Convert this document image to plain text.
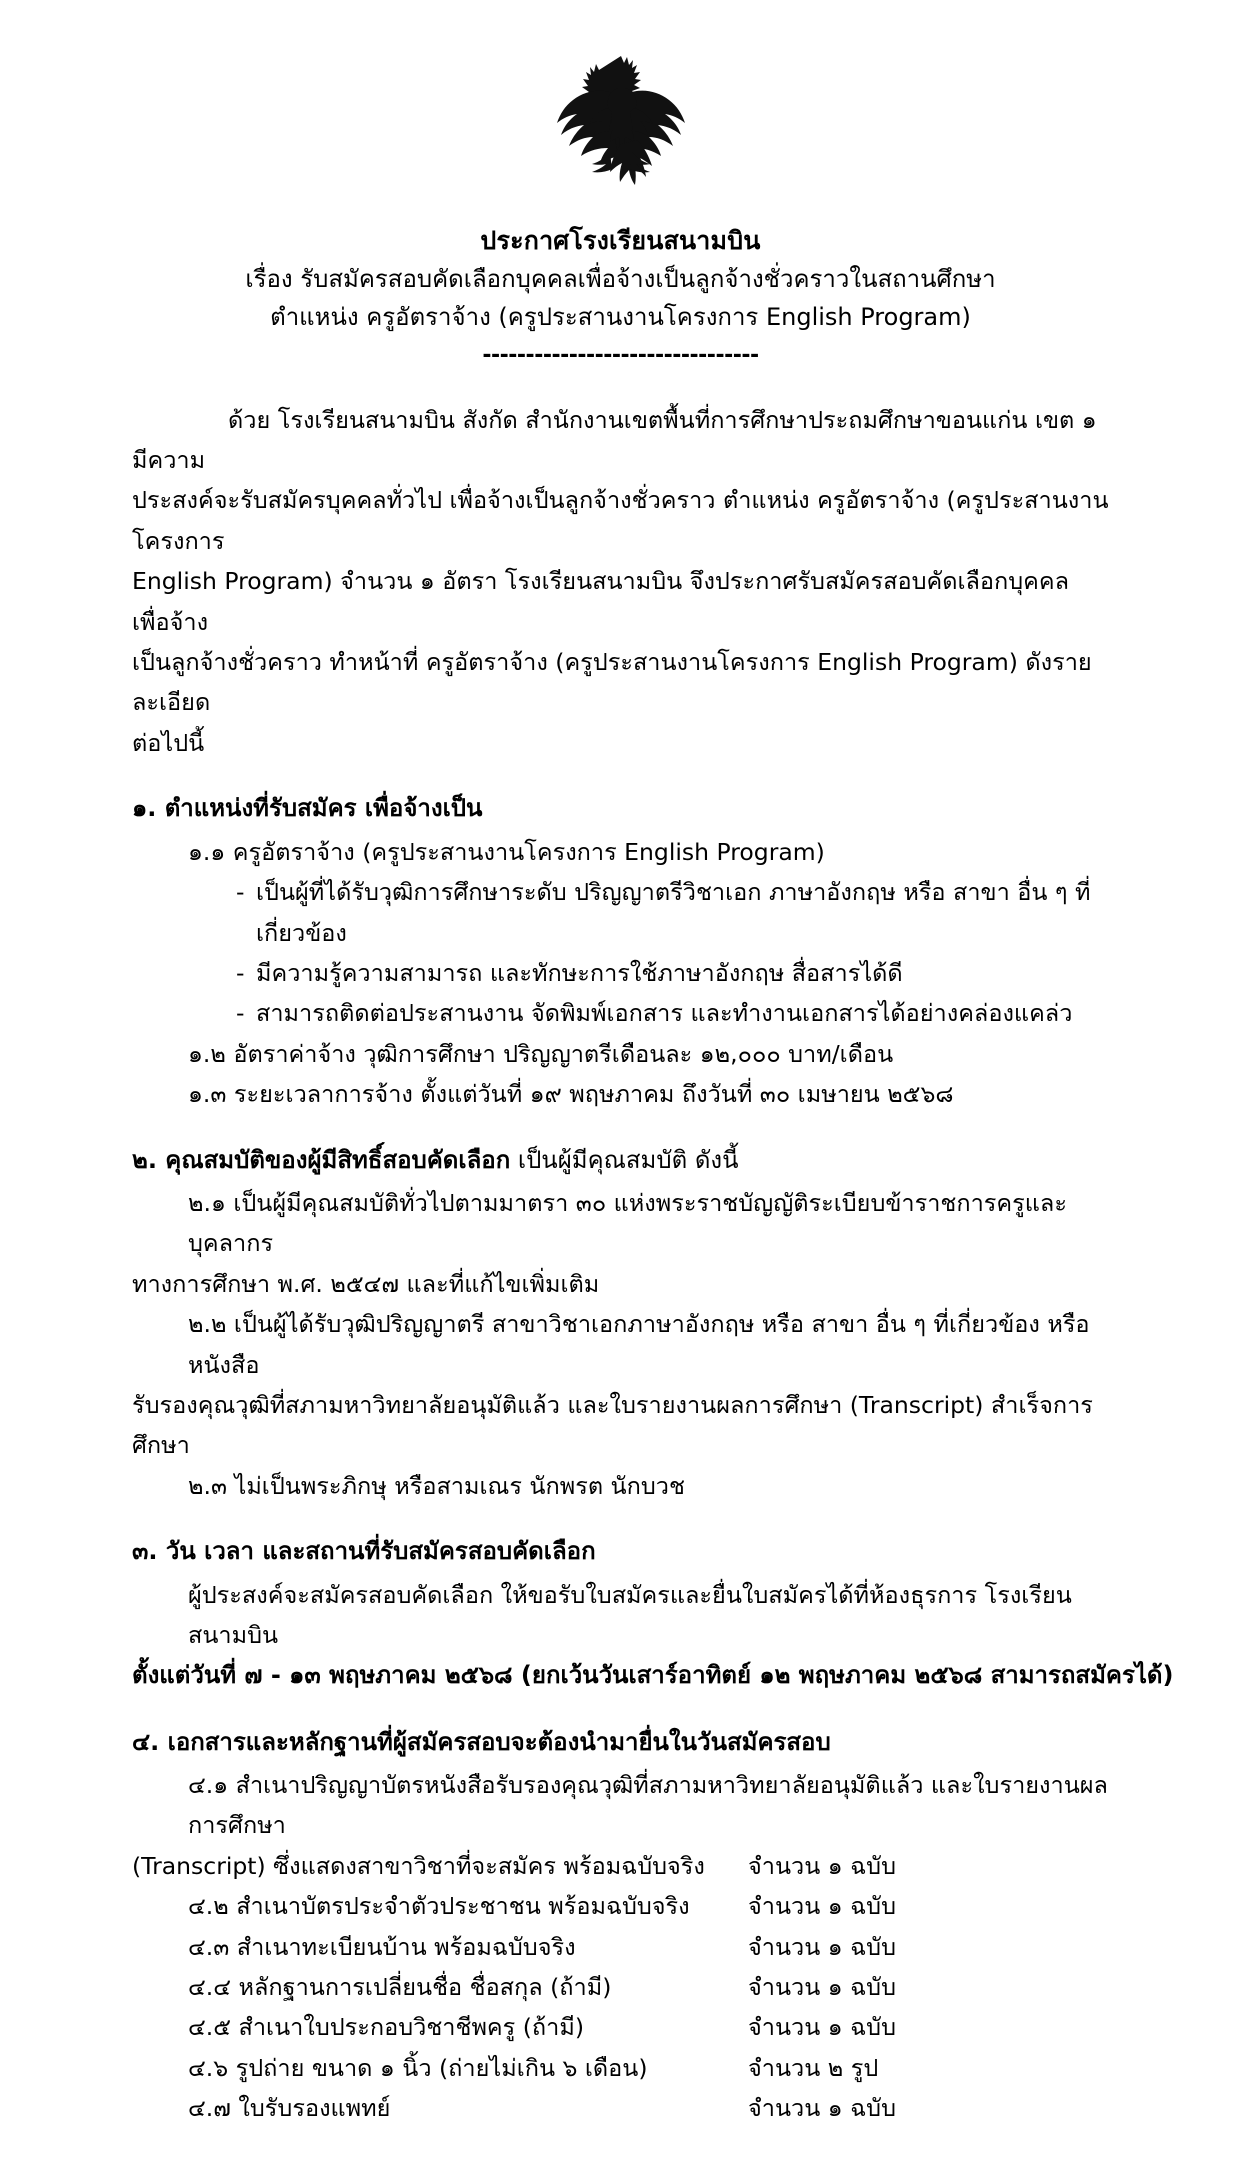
ประกาศโรงเรียนสนามบิน
เรื่อง รับสมัครสอบคัดเลือกบุคคลเพื่อจ้างเป็นลูกจ้างชั่วคราวในสถานศึกษา
ตำแหน่ง ครูอัตราจ้าง (ครูประสานงานโครงการ English Program)
--------------------------------

ด้วย โรงเรียนสนามบิน สังกัด สำนักงานเขตพื้นที่การศึกษาประถมศึกษาขอนแก่น เขต ๑ มีความ

ประสงค์จะรับสมัครบุคคลทั่วไป เพื่อจ้างเป็นลูกจ้างชั่วคราว ตำแหน่ง ครูอัตราจ้าง (ครูประสานงานโครงการ

English Program) จำนวน ๑ อัตรา โรงเรียนสนามบิน จึงประกาศรับสมัครสอบคัดเลือกบุคคล เพื่อจ้าง

เป็นลูกจ้างชั่วคราว ทำหน้าที่ ครูอัตราจ้าง (ครูประสานงานโครงการ English Program) ดังรายละเอียด

ต่อไปนี้

๑. ตำแหน่งที่รับสมัคร เพื่อจ้างเป็น
๑.๑ ครูอัตราจ้าง (ครูประสานงานโครงการ English Program)
- เป็นผู้ที่ได้รับวุฒิการศึกษาระดับ ปริญญาตรีวิชาเอก ภาษาอังกฤษ หรือ สาขา อื่น ๆ ที่เกี่ยวข้อง
- มีความรู้ความสามารถ และทักษะการใช้ภาษาอังกฤษ สื่อสารได้ดี
- สามารถติดต่อประสานงาน จัดพิมพ์เอกสาร และทำงานเอกสารได้อย่างคล่องแคล่ว
๑.๒ อัตราค่าจ้าง วุฒิการศึกษา ปริญญาตรีเดือนละ ๑๒,๐๐๐ บาท/เดือน
๑.๓ ระยะเวลาการจ้าง ตั้งแต่วันที่ ๑๙ พฤษภาคม ถึงวันที่ ๓๐ เมษายน ๒๕๖๘
๒. คุณสมบัติของผู้มีสิทธิ์สอบคัดเลือก เป็นผู้มีคุณสมบัติ ดังนี้
๒.๑ เป็นผู้มีคุณสมบัติทั่วไปตามมาตรา ๓๐ แห่งพระราชบัญญัติระเบียบข้าราชการครูและบุคลากร
ทางการศึกษา พ.ศ. ๒๕๔๗ และที่แก้ไขเพิ่มเติม
๒.๒ เป็นผู้ได้รับวุฒิปริญญาตรี สาขาวิชาเอกภาษาอังกฤษ หรือ สาขา อื่น ๆ ที่เกี่ยวข้อง หรือหนังสือ
รับรองคุณวุฒิที่สภามหาวิทยาลัยอนุมัติแล้ว และใบรายงานผลการศึกษา (Transcript) สำเร็จการศึกษา
๒.๓ ไม่เป็นพระภิกษุ หรือสามเณร นักพรต นักบวช
๓. วัน เวลา และสถานที่รับสมัครสอบคัดเลือก
ผู้ประสงค์จะสมัครสอบคัดเลือก ให้ขอรับใบสมัครและยื่นใบสมัครได้ที่ห้องธุรการ โรงเรียนสนามบิน
ตั้งแต่วันที่ ๗ - ๑๓ พฤษภาคม ๒๕๖๘ (ยกเว้นวันเสาร์อาทิตย์ ๑๒ พฤษภาคม ๒๕๖๘ สามารถสมัครได้)
๔. เอกสารและหลักฐานที่ผู้สมัครสอบจะต้องนำมายื่นในวันสมัครสอบ
๔.๑ สำเนาปริญญาบัตรหนังสือรับรองคุณวุฒิที่สภามหาวิทยาลัยอนุมัติแล้ว และใบรายงานผลการศึกษา
(Transcript) ซึ่งแสดงสาขาวิชาที่จะสมัคร พร้อมฉบับจริง	จำนวน ๑ ฉบับ
๔.๒ สำเนาบัตรประจำตัวประชาชน พร้อมฉบับจริง	จำนวน ๑ ฉบับ
๔.๓ สำเนาทะเบียนบ้าน พร้อมฉบับจริง	จำนวน ๑ ฉบับ
๔.๔ หลักฐานการเปลี่ยนชื่อ ชื่อสกุล (ถ้ามี)	จำนวน ๑ ฉบับ
๔.๕ สำเนาใบประกอบวิชาชีพครู (ถ้ามี)	จำนวน ๑ ฉบับ
๔.๖ รูปถ่าย ขนาด ๑ นิ้ว (ถ่ายไม่เกิน ๖ เดือน)	จำนวน ๒ รูป
๔.๗ ใบรับรองแพทย์	จำนวน ๑ ฉบับ
